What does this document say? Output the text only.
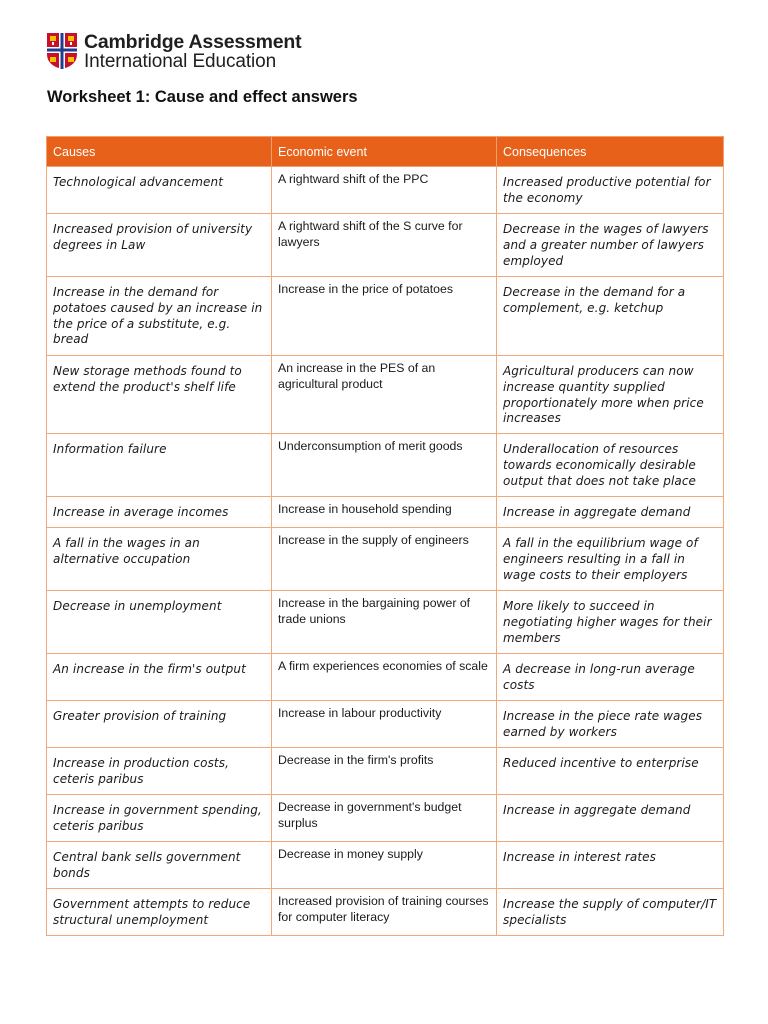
Cambridge Assessment
International Education
Worksheet 1: Cause and effect answers
Causes	Economic event	Consequences
Technological advancement	A rightward shift of the PPC	Increased productive potential for the economy
Increased provision of university degrees in Law	A rightward shift of the S curve for lawyers	Decrease in the wages of lawyers and a greater number of lawyers employed
Increase in the demand for potatoes caused by an increase in the price of a substitute, e.g. bread	Increase in the price of potatoes	Decrease in the demand for a complement, e.g. ketchup
New storage methods found to extend the product's shelf life	An increase in the PES of an agricultural product	Agricultural producers can now increase quantity supplied proportionately more when price increases
Information failure	Underconsumption of merit goods	Underallocation of resources towards economically desirable output that does not take place
Increase in average incomes	Increase in household spending	Increase in aggregate demand
A fall in the wages in an alternative occupation	Increase in the supply of engineers	A fall in the equilibrium wage of engineers resulting in a fall in wage costs to their employers
Decrease in unemployment	Increase in the bargaining power of trade unions	More likely to succeed in negotiating higher wages for their members
An increase in the firm's output	A firm experiences economies of scale	A decrease in long-run average costs
Greater provision of training	Increase in labour productivity	Increase in the piece rate wages earned by workers
Increase in production costs, ceteris paribus	Decrease in the firm's profits	Reduced incentive to enterprise
Increase in government spending, ceteris paribus	Decrease in government's budget surplus	Increase in aggregate demand
Central bank sells government bonds	Decrease in money supply	Increase in interest rates
Government attempts to reduce structural unemployment	Increased provision of training courses for computer literacy	Increase the supply of computer/IT specialists
